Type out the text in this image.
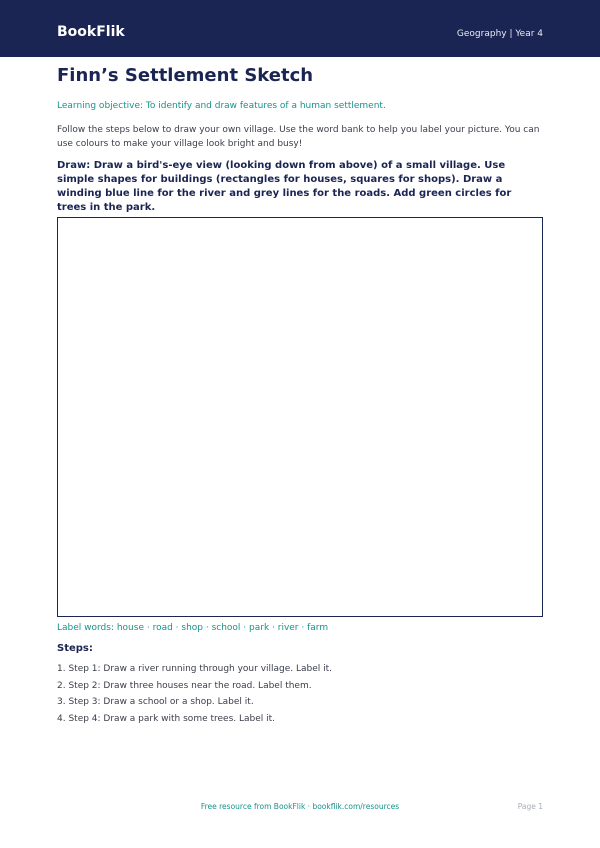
BookFlik	Geography | Year 4
Finn’s Settlement Sketch
Learning objective: To identify and draw features of a human settlement.
Follow the steps below to draw your own village. Use the word bank to help you label your picture. You can use colours to make your village look bright and busy!
Draw: Draw a bird's-eye view (looking down from above) of a small village. Use simple shapes for buildings (rectangles for houses, squares for shops). Draw a winding blue line for the river and grey lines for the roads. Add green circles for trees in the park.
Label words: house · road · shop · school · park · river · farm
Steps:
1. Step 1: Draw a river running through your village. Label it.
2. Step 2: Draw three houses near the road. Label them.
3. Step 3: Draw a school or a shop. Label it.
4. Step 4: Draw a park with some trees. Label it.
Free resource from BookFlik · bookflik.com/resources	Page 1
